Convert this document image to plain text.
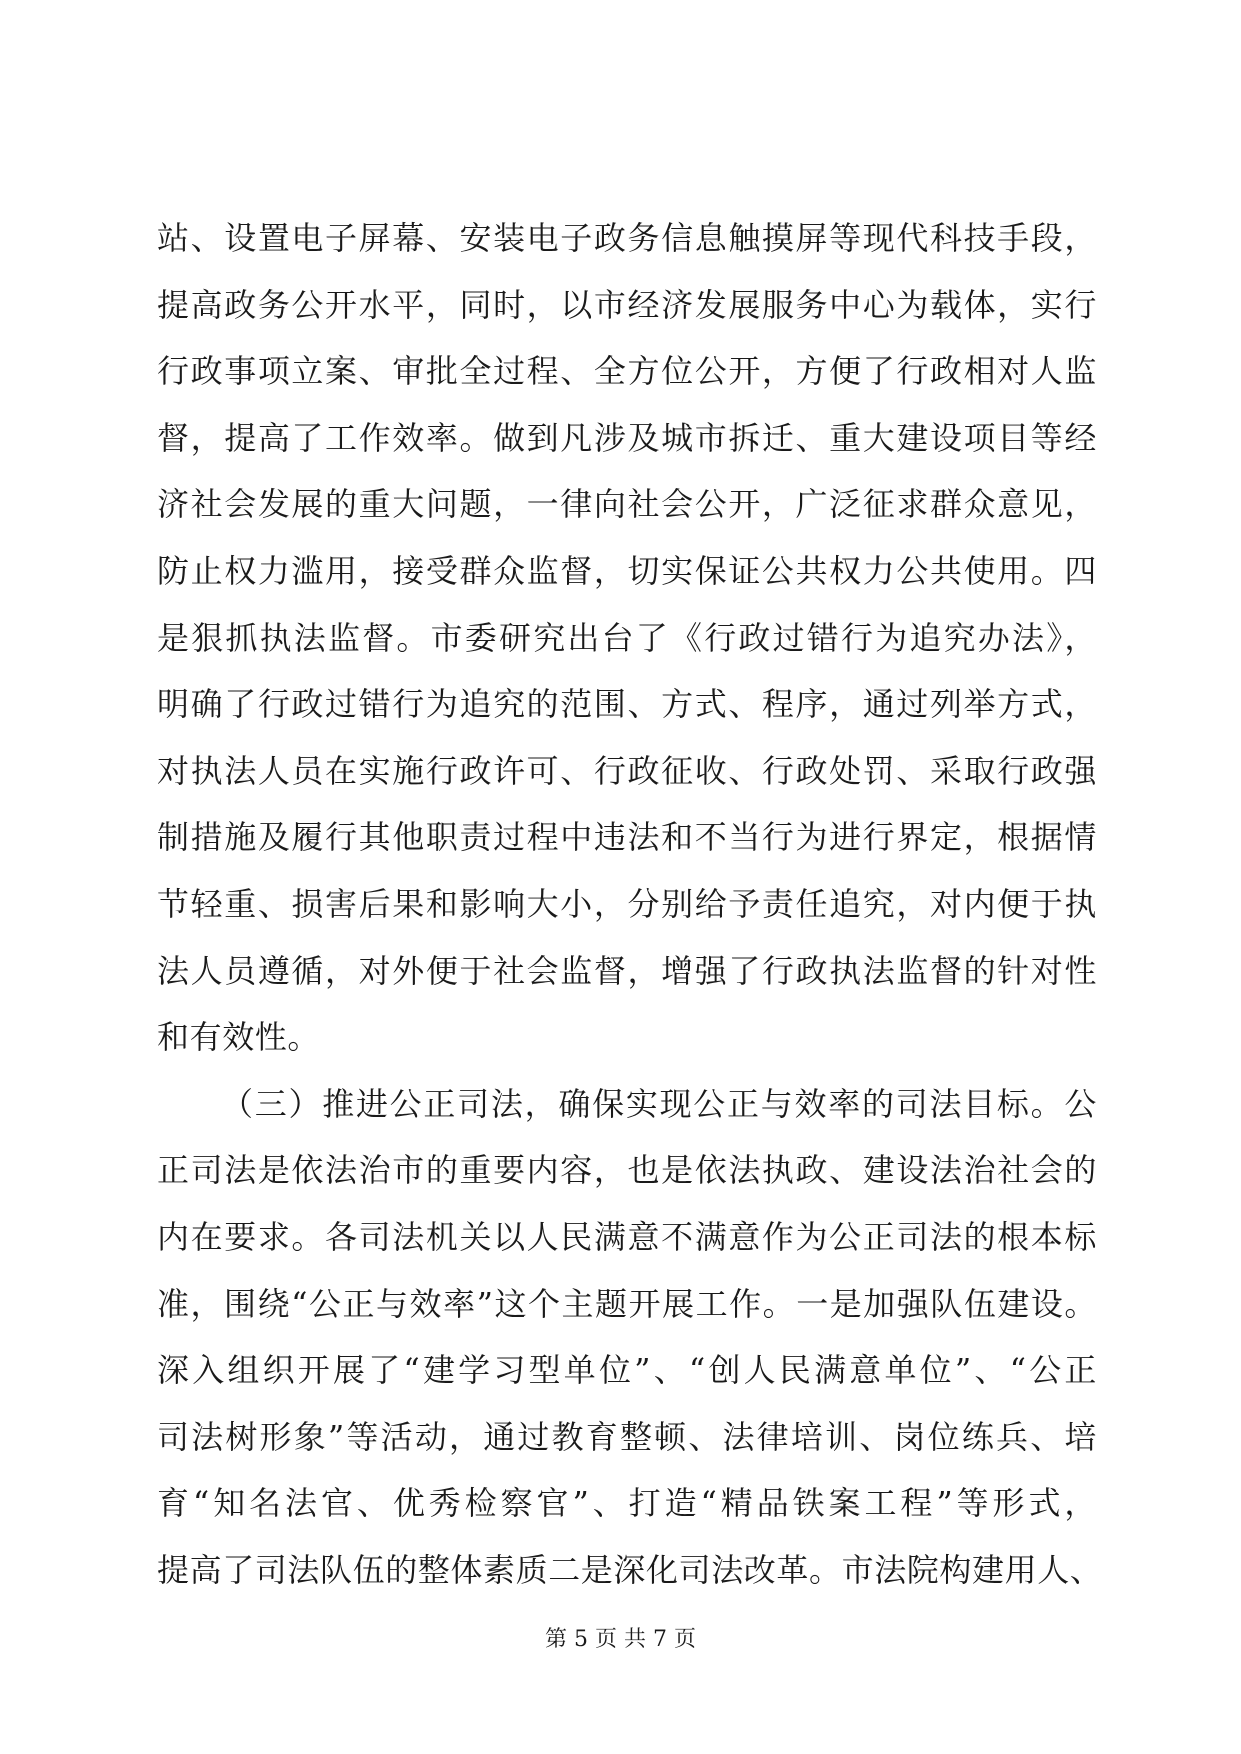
站、设置电子屏幕、安装电子政务信息触摸屏等现代科技手段，
提高政务公开水平，同时，以市经济发展服务中心为载体，实行
行政事项立案、审批全过程、全方位公开，方便了行政相对人监
督，提高了工作效率。做到凡涉及城市拆迁、重大建设项目等经
济社会发展的重大问题，一律向社会公开，广泛征求群众意见，
防止权力滥用，接受群众监督，切实保证公共权力公共使用。四
是狠抓执法监督。市委研究出台了《行政过错行为追究办法》，
明确了行政过错行为追究的范围、方式、程序，通过列举方式，
对执法人员在实施行政许可、行政征收、行政处罚、采取行政强
制措施及履行其他职责过程中违法和不当行为进行界定，根据情
节轻重、损害后果和影响大小，分别给予责任追究，对内便于执
法人员遵循，对外便于社会监督，增强了行政执法监督的针对性
和有效性。
（三）推进公正司法，确保实现公正与效率的司法目标。公
正司法是依法治市的重要内容，也是依法执政、建设法治社会的
内在要求。各司法机关以人民满意不满意作为公正司法的根本标
准，围绕“公正与效率”这个主题开展工作。一是加强队伍建设。
深入组织开展了“建学习型单位”、“创人民满意单位”、“公正
司法树形象”等活动，通过教育整顿、法律培训、岗位练兵、培
育“知名法官、优秀检察官”、打造“精品铁案工程”等形式，
提高了司法队伍的整体素质二是深化司法改革。市法院构建用人、
第 5 页 共 7 页
